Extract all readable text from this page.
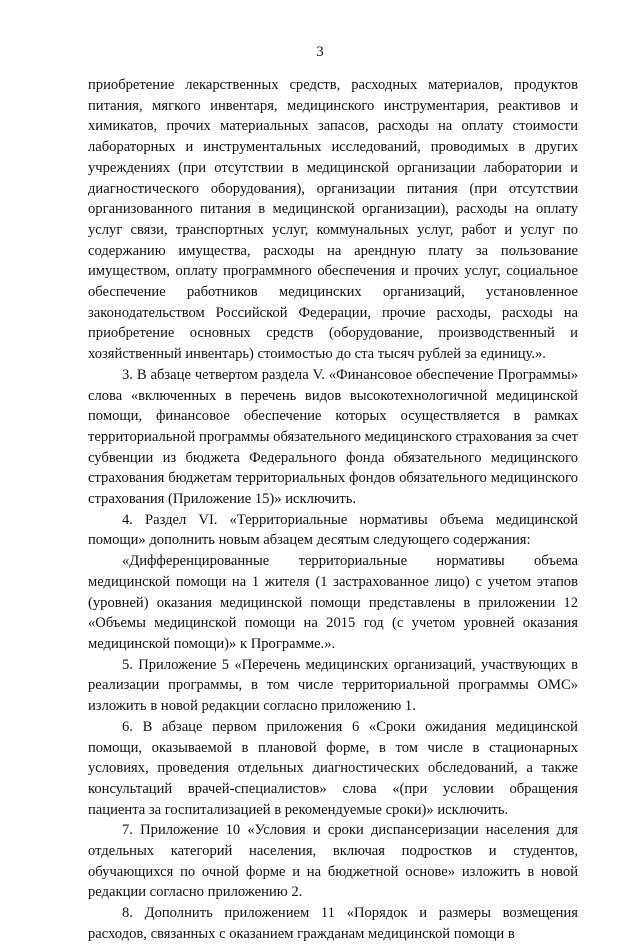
3

приобретение лекарственных средств, расходных материалов, продуктов питания, мягкого инвентаря, медицинского инструментария, реактивов и химикатов, прочих материальных запасов, расходы на оплату стоимости лабораторных и инструментальных исследований, проводимых в других учреждениях (при отсутствии в медицинской организации лаборатории и диагностического оборудования), организации питания (при отсутствии организованного питания в медицинской организации), расходы на оплату услуг связи, транспортных услуг, коммунальных услуг, работ и услуг по содержанию имущества, расходы на арендную плату за пользование имуществом, оплату программного обеспечения и прочих услуг, социальное обеспечение работников медицинских организаций, установленное законодательством Российской Федерации, прочие расходы, расходы на приобретение основных средств (оборудование, производственный и хозяйственный инвентарь) стоимостью до ста тысяч рублей за единицу.».

3. В абзаце четвертом раздела V. «Финансовое обеспечение Программы» слова «включенных в перечень видов высокотехнологичной медицинской помощи, финансовое обеспечение которых осуществляется в рамках территориальной программы обязательного медицинского страхования за счет субвенции из бюджета Федерального фонда обязательного медицинского страхования бюджетам территориальных фондов обязательного медицинского страхования (Приложение 15)» исключить.

4. Раздел VI. «Территориальные нормативы объема медицинской помощи» дополнить новым абзацем десятым следующего содержания:

«Дифференцированные территориальные нормативы объема медицинской помощи на 1 жителя (1 застрахованное лицо) с учетом этапов (уровней) оказания медицинской помощи представлены в приложении 12 «Объемы медицинской помощи на 2015 год (с учетом уровней оказания медицинской помощи)» к Программе.».

5. Приложение 5 «Перечень медицинских организаций, участвующих в реализации программы, в том числе территориальной программы ОМС» изложить в новой редакции согласно приложению 1.

6. В абзаце первом приложения 6 «Сроки ожидания медицинской помощи, оказываемой в плановой форме, в том числе в стационарных условиях, проведения отдельных диагностических обследований, а также консультаций врачей-специалистов» слова «(при условии обращения пациента за госпитализацией в рекомендуемые сроки)» исключить.

7. Приложение 10 «Условия и сроки диспансеризации населения для отдельных категорий населения, включая подростков и студентов, обучающихся по очной форме и на бюджетной основе» изложить в новой редакции согласно приложению 2.

8. Дополнить приложением 11 «Порядок и размеры возмещения расходов, связанных с оказанием гражданам медицинской помощи в
